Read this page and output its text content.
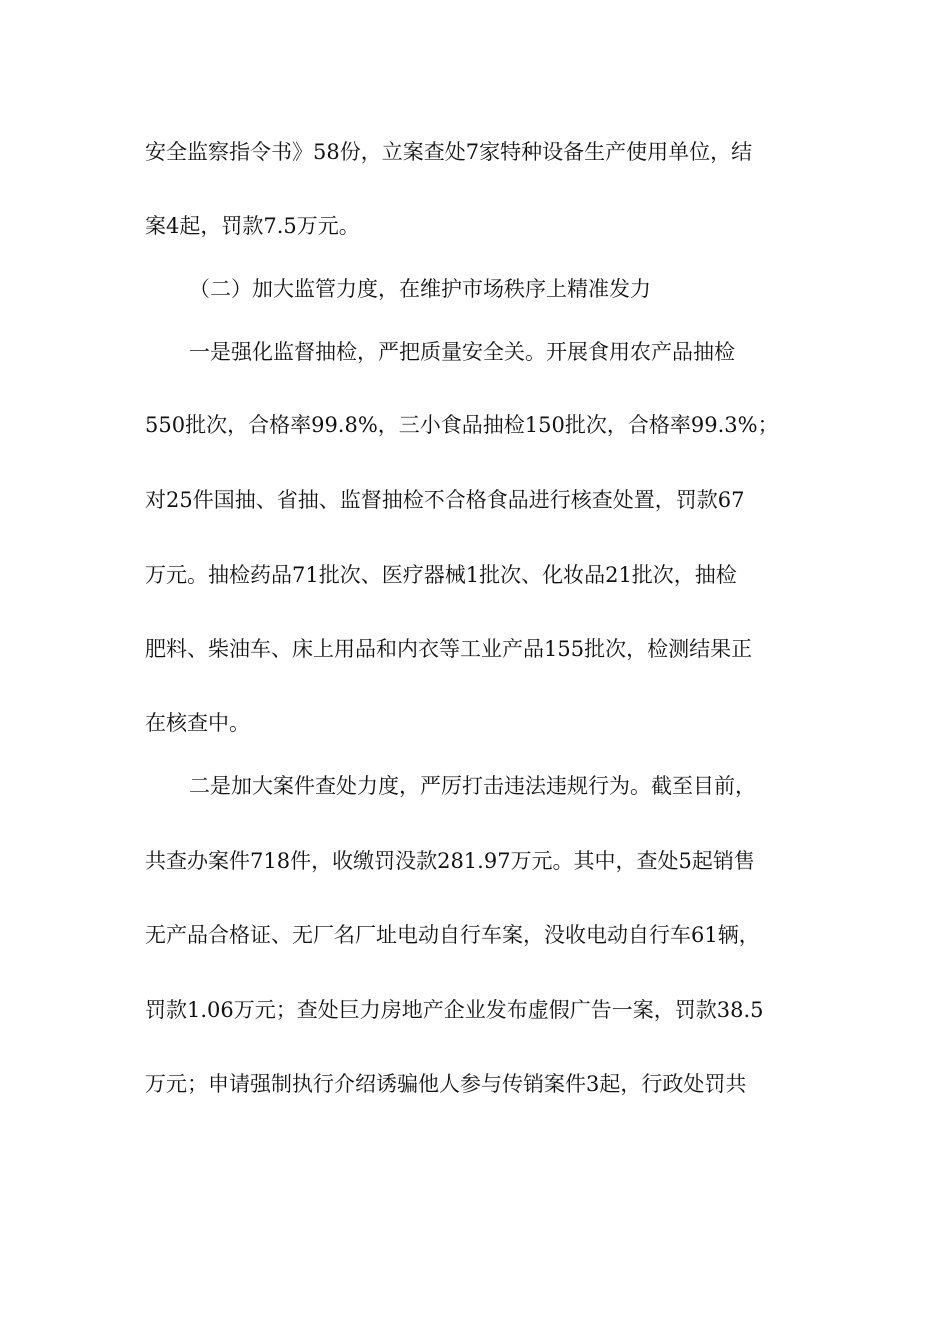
安全监察指令书》58份，立案查处7家特种设备生产使用单位，结
案4起，罚款7.5万元。
（二）加大监管力度，在维护市场秩序上精准发力
一是强化监督抽检，严把质量安全关。开展食用农产品抽检
550批次，合格率99.8%，三小食品抽检150批次，合格率99.3%；
对25件国抽、省抽、监督抽检不合格食品进行核查处置，罚款67
万元。抽检药品71批次、医疗器械1批次、化妆品21批次，抽检
肥料、柴油车、床上用品和内衣等工业产品155批次，检测结果正
在核查中。
二是加大案件查处力度，严厉打击违法违规行为。截至目前，
共查办案件718件，收缴罚没款281.97万元。其中，查处5起销售
无产品合格证、无厂名厂址电动自行车案，没收电动自行车61辆，
罚款1.06万元；查处巨力房地产企业发布虚假广告一案，罚款38.5
万元；申请强制执行介绍诱骗他人参与传销案件3起，行政处罚共
